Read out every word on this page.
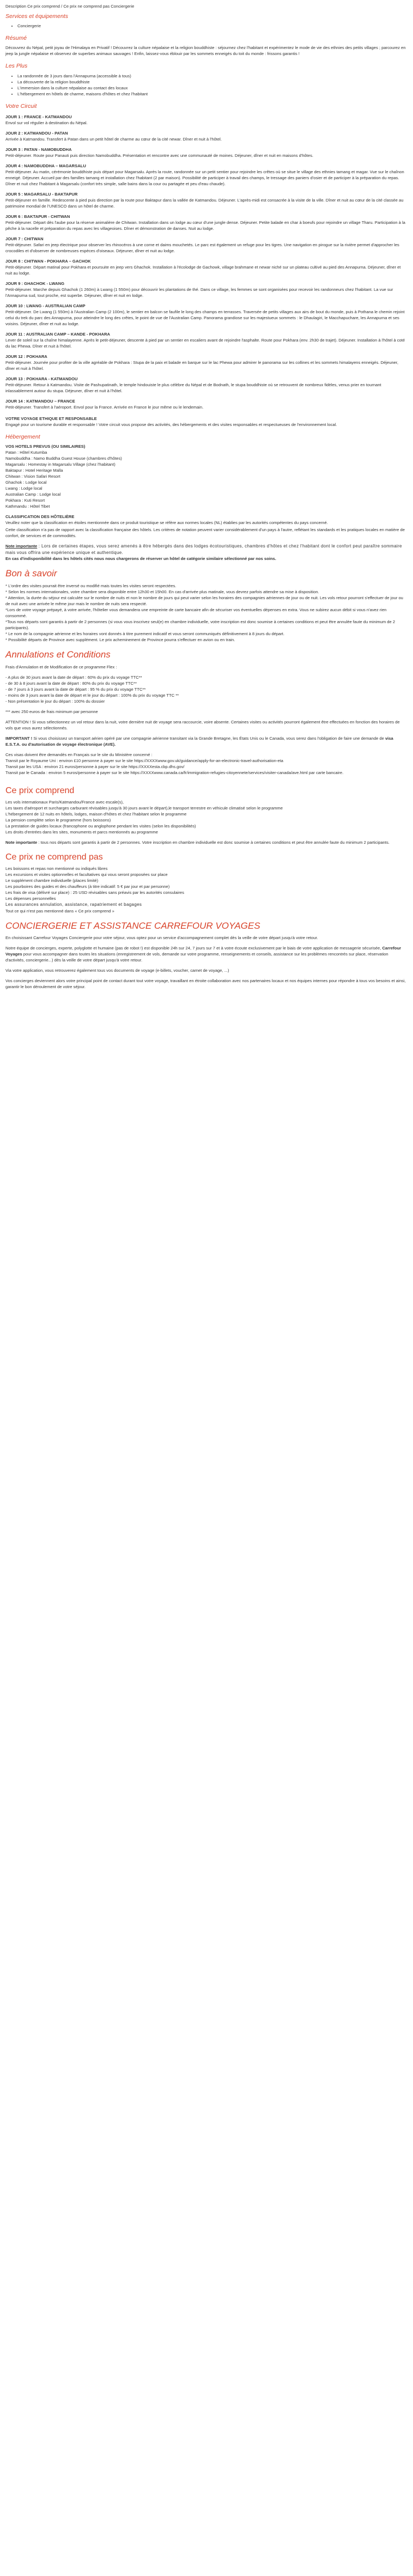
Description Ce prix comprend / Ce prix ne comprend pas Conciergerie

Services et équipements
• Conciergerie
Résumé

Découvrez du Népal, petit joyau de l'Himalaya en Privatif ! Découvrez la culture népalaise et la religion bouddhiste : séjournez chez l'habitant et expérimentez le mode de vie des ethnies des petits villages ; parcourez en jeep la jungle népalaise et observez de superbes animaux sauvages ! Enfin, laissez-vous éblouir par les sommets enneigés du toit du monde : frissons garantis !

Les Plus
• La randonnée de 3 jours dans l'Annapurna (accessible à tous)
• La découverte de la religion bouddhiste
• L'immersion dans la culture népalaise au contact des locaux
• L'hébergement en hôtels de charme, maisons d'hôtes et chez l'habitant
Votre Circuit
JOUR 1 : FRANCE - KATMANDOU

Envol sur vol régulier à destination du Népal.

JOUR 2 : KATMANDOU - PATAN

Arrivée à Katmandou. Transfert à Patan dans un petit hôtel de charme au cœur de la cité newar. Dîner et nuit à l'hôtel.

JOUR 3 : PATAN - NAMOBUDDHA

Petit-déjeuner. Route pour Panauti puis direction Namobuddha. Présentation et rencontre avec une communauté de moines. Déjeuner, dîner et nuit en maisons d'hôtes.

JOUR 4 : NAMOBUDDHA – MAGARSALU

Petit-déjeuner. Au matin, cérémonie bouddhiste puis départ pour Magarsalu. Après la route, randonnée sur un petit sentier pour rejoindre les crêtes où se situe le village des ethnies tamang et magar. Vue sur le chaînon enneigé. Déjeuner. Accueil par des familles tamang et installation chez l'habitant (2 par maison). Possibilité de participer à travail des champs, le tressage des paniers d'osier et de participer à la préparation du repas. Dîner et nuit chez l'habitant à Magarsalu (confort très simple, salle bains dans la cour ou partagée et peu d'eau chaude).

JOUR 5 : MAGARSALU - BAKTAPUR

Petit-déjeuner en famille. Redescente à pied puis direction par la route pour Baktapur dans la vallée de Katmandou. Déjeuner. L'après-midi est consacrée à la visite de la ville. Dîner et nuit au cœur de la cité classée au patrimoine mondial de l'UNESCO dans un hôtel de charme.

JOUR 6 : BAKTAPUR - CHITWAN

Petit-déjeuner. Départ dès l'aube pour la réserve animalière de Chitwan. Installation dans un lodge au cœur d'une jungle dense. Déjeuner. Petite balade en char à boeufs pour rejoindre un village Tharu. Participation à la pêche à la nacelle et préparation du repas avec les villageoises. Dîner et démonstration de danses. Nuit au lodge.

JOUR 7 : CHITWAN

Petit-déjeuner. Safari en jeep électrique pour observer les rhinocéros à une corne et daims mouchetés. Le parc est également un refuge pour les tigres. Une navigation en pirogue sur la rivière permet d'approcher les crocodiles et d'observer de nombreuses espèces d'oiseaux. Déjeuner, dîner et nuit au lodge.

JOUR 8 : CHITWAN - POKHARA – GACHOK

Petit-déjeuner. Départ matinal pour Pokhara et poursuite en jeep vers Ghachok. Installation à l'écolodge de Gachowk, village brahmane et newar niché sur un plateau cultivé au pied des Annapurna. Déjeuner, dîner et nuit au lodge.

JOUR 9 : GHACHOK - LWANG

Petit-déjeuner. Marche depuis Ghachok (1 260m) à Lwang (1 550m) pour découvrir les plantations de thé. Dans ce village, les femmes se sont organisées pour recevoir les randonneurs chez l'habitant. La vue sur l'Annapurna sud, tout proche, est superbe. Déjeuner, dîner et nuit en lodge.

JOUR 10 : LWANG - AUSTRALIAN CAMP

Petit-déjeuner. De Lwang (1 550m) à l'Australian Camp (2 100m), le sentier en balcon se faufile le long des champs en terrasses. Traversée de petits villages aux airs de bout du monde, puis à Pothana le chemin rejoint celui du trek du parc des Annapurna, pour atteindre le long des crêtes, le point de vue de l'Australian Camp. Panorama grandiose sur les majestueux sommets : le Dhaulagiri, le Macchapuchare, les Annapurna et ses voisins. Déjeuner, dîner et nuit au lodge.

JOUR 11 : AUSTRALIAN CAMP – KANDE - POKHARA

Lever de soleil sur la chaîne himalayenne. Après le petit-déjeuner, descente à pied par un sentier en escaliers avant de rejoindre l'asphalte. Route pour Pokhara (env. 2h30 de trajet). Déjeuner. Installation à l'hôtel à coté du lac Phewa. Dîner et nuit à l'hôtel.

JOUR 12 : POKHARA

Petit-déjeuner. Journée pour profiter de la ville agréable de Pokhara : Stupa de la paix et balade en barque sur le lac Phewa pour admirer le panorama sur les collines et les sommets himalayens enneigés. Déjeuner, dîner et nuit à l'hôtel.

JOUR 13 : POKHARA - KATMANDOU

Petit-déjeuner. Retour à Katmandou. Visite de Pashupatinath, le temple hindouiste le plus célèbre du Népal et de Bodnath, le stupa bouddhiste où se retrouvent de nombreux fidèles, venus prier en tournant inlassablement autour du stupa. Déjeuner, dîner et nuit à l'hôtel.

JOUR 14 : KATMANDOU – FRANCE

Petit-déjeuner. Transfert à l'aéroport. Envol pour la France. Arrivée en France le jour même ou le lendemain.

VOTRE VOYAGE ETHIQUE ET RESPONSABLE

Engagé pour un tourisme durable et responsable ! Votre circuit vous propose des activités, des hébergements et des visites responsables et respectueuses de l'environnement local.

Hébergement
VOS HOTELS PREVUS (OU SIMILAIRES)
Patan : Hôtel Kutumba
Namobuddha : Namo Buddha Guest House (chambres d'hôtes)
Magarsalu : Homestay in Magarsalu Village (chez l'habitant)
Baktapur : Hotel Heritage Malla
Chitwan : Vision Safari Resort
Ghachok : Lodge local
Lwang : Lodge local
Australian Camp : Lodge local
Pokhara : Kuti Resort
Kathmandu : Hôtel Tibet
CLASSIFICATION DES HÔTELIÈRE

Veuillez noter que la classification en étoiles mentionnée dans ce produit touristique se réfère aux normes locales (NL) établies par les autorités compétentes du pays concerné.

Cette classification n'a pas de rapport avec la classification française des hôtels. Les critères de notation peuvent varier considérablement d'un pays à l'autre, reflétant les standards et les pratiques locales en matière de confort, de services et de commodités.

Note importante : Lors de certaines étapes, vous serez amenés à être hébergés dans des lodges écotouristiques, chambres d'hôtes et chez l'habitant dont le confort peut paraître sommaire mais vous offrira une expérience unique et authentique.

En cas d'indisponibilité dans les hôtels cités nous nous chargerons de réserver un hôtel de catégorie similaire sélectionné par nos soins.

Bon à savoir
* L'ordre des visites pourrait être inversé ou modifié mais toutes les visites seront respectées.
* Selon les normes internationales, votre chambre sera disponible entre 12h30 et 15h00. En cas d'arrivée plus matinale, vous devrez parfois attendre sa mise à disposition.
* Attention, la durée du séjour est calculée sur le nombre de nuits et non le nombre de jours qui peut varier selon les horaires des compagnies aériennes de jour ou de nuit. Les vols retour pourront s'effectuer de jour ou de nuit avec une arrivée le même jour mais le nombre de nuits sera respecté.
*Lors de votre voyage prépayé, à votre arrivée, l'hôtelier vous demandera une empreinte de carte bancaire afin de sécuriser vos éventuelles dépenses en extra. Vous ne subirez aucun débit si vous n'avez rien consommé.
*Tous nos départs sont garantis à partir de 2 personnes (si vous vous inscrivez seul(e) en chambre individuelle, votre inscription est donc soumise à certaines conditions et peut être annulée faute du minimum de 2 participants).
* Le nom de la compagnie aérienne et les horaires vont donnés à titre purement indicatif et vous seront communiqués définitivement à 8 jours du départ.
* Possibilité départs de Province avec supplément. Le prix acheminement de Province pourra s'effectuer en avion ou en train.
Annulations et Conditions

Frais d'Annulation et de Modification de ce programme Flex :

- A plus de 30 jours avant la date de départ : 60% du prix du voyage TTC**
- de 30 à 8 jours avant la date de départ : 80% du prix du voyage TTC**
- de 7 jours à 3 jours avant la date de départ : 95 % du prix du voyage TTC**
- moins de 3 jours avant la date de départ et le jour du départ : 100% du prix du voyage TTC **
- Non présentation le jour du départ : 100% du dossier

*** avec 250 euros de frais minimum par personne

ATTENTION ! Si vous sélectionnez un vol retour dans la nuit, votre dernière nuit de voyage sera raccourcie, voire absente. Certaines visites ou activités pourront également être effectuées en fonction des horaires de vols que vous aurez sélectionnés.

IMPORTANT ! Si vous choisissez un transport aérien opéré par une compagnie aérienne transitant via la Grande Bretagne, les États Unis ou le Canada, vous serez dans l'obligation de faire une demande de visa E.S.T.A. ou d'autorisation de voyage électronique (AVE).

Ces visas doivent être demandés en Français sur le site du Ministère concerné :
Transit par le Royaume Uni : environ £10 personne à payer sur le site https://XXXXwww.gov.uk/guidance/apply-for-an-electronic-travel-authorisation-eta
Transit par les USA : environ 21 euros/personne à payer sur le site https://XXXXesta.cbp.dhs.gov/
Transit par le Canada : environ 5 euros/personne à payer sur le site https://XXXXwww.canada.ca/fr/immigration-refugies-citoyennete/services/visiter-canada/ave.html par carte bancaire.
Ce prix comprend
Les vols internationaux Paris/Katmandou/France avec escale(s),
Les taxes d'aéroport et surcharges carburant révisables jusqu'à 30 jours avant le départ),le transport terrestre en véhicule climatisé selon le programme
L'hébergement de 12 nuits en hôtels, lodges, maison d'hôtes et chez l'habitant selon le programme
La pension complète selon le programme (hors boissons)
La prestation de guides locaux (francophone ou anglophone pendant les visites (selon les disponibilités)
Les droits d'entrées dans les sites, monuments et parcs mentionnés au programme

Note importante : tous nos départs sont garantis à partir de 2 personnes. Votre inscription en chambre individuelle est donc soumise à certaines conditions et peut être annulée faute du minimum 2 participants.

Ce prix ne comprend pas
Les boissons et repas non mentionné ou indiqués libres
Les excursions et visites optionnelles et facultatives qui vous seront proposées sur place
Le supplément chambre individuelle (places limité)
Les pourboires des guides et des chauffeurs (à titre indicatif: 5 € par jour et par personne)
Les frais de visa (délivré sur place) : 25 USD révisables sans préavis par les autorités consulaires
Les dépenses personnelles
Les assurances annulation, assistance, rapatriement et bagages
Tout ce qui n'est pas mentionné dans « Ce prix comprend »
CONCIERGERIE ET ASSISTANCE CARREFOUR VOYAGES

En choisissant Carrefour Voyages Conciergerie pour votre séjour, vous optez pour un service d'accompagnement complet dès la veille de votre départ jusqu'à votre retour.

Notre équipe de concierges, experte, polyglotte et humaine (pas de robot !) est disponible 24h sur 24, 7 jours sur 7 et à votre écoute exclusivement par le biais de votre application de messagerie sécurisée, Carrefour Voyages pour vous accompagner dans toutes les situations (enregistrement de vols, demande sur votre programme, renseignements et conseils, assistance sur les problèmes rencontrés sur place, réservation d'activités, conciergerie...) dès la veille de votre départ jusqu'à votre retour.

Via votre application, vous retrouverez également tous vos documents de voyage (e-billets, voucher, carnet de voyage, ...)

Vos concierges deviennent alors votre principal point de contact durant tout votre voyage, travaillant en étroite collaboration avec nos partenaires locaux et nos équipes internes pour répondre à tous vos besoins et ainsi, garantir le bon déroulement de votre séjour.
